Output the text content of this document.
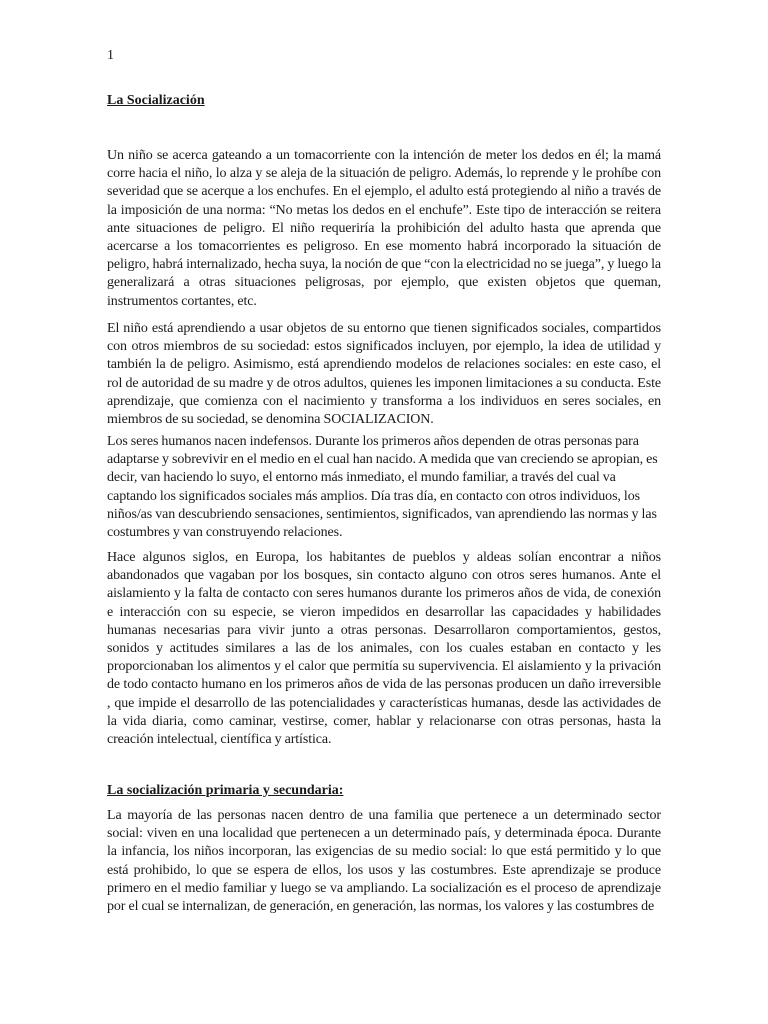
1
La Socialización

Un niño se acerca gateando a un tomacorriente con la intención de meter los dedos en él; la mamá corre hacia el niño, lo alza y se aleja de la situación de peligro. Además, lo reprende y le prohíbe con severidad que se acerque a los enchufes. En el ejemplo, el adulto está protegiendo al niño a través de la imposición de una norma: “No metas los dedos en el enchufe”. Este tipo de interacción se reitera ante situaciones de peligro. El niño requeriría la prohibición del adulto hasta que aprenda que acercarse a los tomacorrientes es peligroso. En ese momento habrá incorporado la situación de peligro, habrá internalizado, hecha suya, la noción de que “con la electricidad no se juega”, y luego la generalizará a otras situaciones peligrosas, por ejemplo, que existen objetos que queman, instrumentos cortantes, etc.

El niño está aprendiendo a usar objetos de su entorno que tienen significados sociales, compartidos con otros miembros de su sociedad: estos significados incluyen, por ejemplo, la idea de utilidad y también la de peligro. Asimismo, está aprendiendo modelos de relaciones sociales: en este caso, el rol de autoridad de su madre y de otros adultos, quienes les imponen limitaciones a su conducta. Este aprendizaje, que comienza con el nacimiento y transforma a los individuos en seres sociales, en miembros de su sociedad, se denomina SOCIALIZACION.

Los seres humanos nacen indefensos. Durante los primeros años dependen de otras personas para adaptarse y sobrevivir en el medio en el cual han nacido. A medida que van creciendo se apropian, es decir, van haciendo lo suyo, el entorno más inmediato, el mundo familiar, a través del cual va captando los significados sociales más amplios. Día tras día, en contacto con otros individuos, los niños/as van descubriendo sensaciones, sentimientos, significados, van aprendiendo las normas y las costumbres y van construyendo relaciones.

Hace algunos siglos, en Europa, los habitantes de pueblos y aldeas solían encontrar a niños abandonados que vagaban por los bosques, sin contacto alguno con otros seres humanos. Ante el aislamiento y la falta de contacto con seres humanos durante los primeros años de vida, de conexión e interacción con su especie, se vieron impedidos en desarrollar las capacidades y habilidades humanas necesarias para vivir junto a otras personas. Desarrollaron comportamientos, gestos, sonidos y actitudes similares a las de los animales, con los cuales estaban en contacto y les proporcionaban los alimentos y el calor que permitía su supervivencia. El aislamiento y la privación de todo contacto humano en los primeros años de vida de las personas producen un daño irreversible , que impide el desarrollo de las potencialidades y características humanas, desde las actividades de la vida diaria, como caminar, vestirse, comer, hablar y relacionarse con otras personas, hasta la creación intelectual, científica y artística.

La socialización primaria y secundaria:

La mayoría de las personas nacen dentro de una familia que pertenece a un determinado sector social: viven en una localidad que pertenecen a un determinado país, y determinada época. Durante la infancia, los niños incorporan, las exigencias de su medio social: lo que está permitido y lo que está prohibido, lo que se espera de ellos, los usos y las costumbres. Este aprendizaje se produce primero en el medio familiar y luego se va ampliando. La socialización es el proceso de aprendizaje por el cual se internalizan, de generación, en generación, las normas, los valores y las costumbres de
